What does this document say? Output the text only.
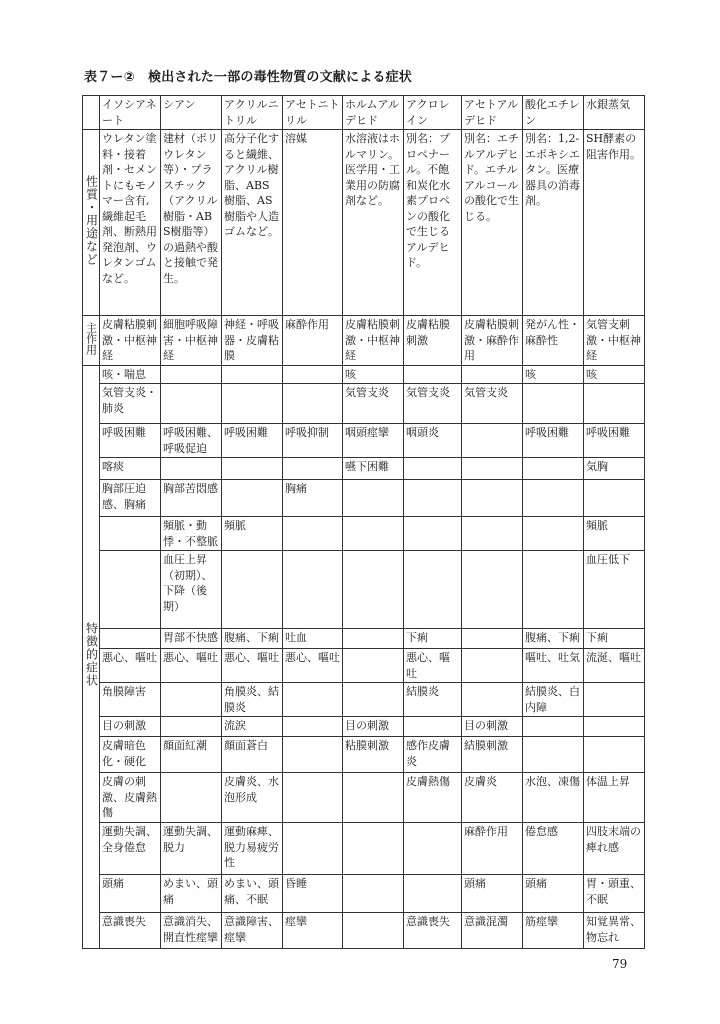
表７ー②　検出された一部の毒性物質の文献による症状
	イソシアネート	シアン	アクリルニトリル	アセトニトリル	ホルムアルデヒド	アクロレイン	アセトアルデヒド	酸化エチレン	水銀蒸気
性質・用途など	ウレタン塗料・接着剤・セメントにもモノマー含有,繊維起毛剤、断熱用発泡剤、ウレタンゴムなど。	建材（ポリウレタン等）・プラスチック（アクリル樹脂・ABS樹脂等）の過熱や酸と接触で発生。	高分子化すると繊維、アクリル樹脂、ABS樹脂、AS樹脂や人造ゴムなど。	溶媒	水溶液はホルマリン。医学用・工業用の防腐剤など。	別名：プロペナール。不飽和炭化水素プロペンの酸化で生じるアルデヒド。	別名：エチルアルデヒド。エチルアルコールの酸化で生じる。	別名：1,2-エポキシエタン。医療器具の消毒剤。	SH酵素の阻害作用。
主作用	皮膚粘膜刺激・中枢神経	細胞呼吸障害・中枢神経	神経・呼吸器・皮膚粘膜	麻酔作用	皮膚粘膜刺激・中枢神経	皮膚粘膜刺激	皮膚粘膜刺激・麻酔作用	発がん性・麻酔性	気管支刺激・中枢神経
特徴的症状	咳・喘息				咳			咳	咳
	気管支炎・肺炎				気管支炎	気管支炎	気管支炎		
	呼吸困難	呼吸困難、呼吸促迫	呼吸困難	呼吸抑制	咽頭痙攣	咽頭炎		呼吸困難	呼吸困難
	喀痰				嚥下困難				気胸
	胸部圧迫感、胸痛	胸部苦悶感		胸痛					
		頻脈・動悸・不整脈	頻脈						頻脈
		血圧上昇（初期）、下降（後期）							血圧低下
		胃部不快感	腹痛、下痢	吐血		下痢		腹痛、下痢	下痢
	悪心、嘔吐	悪心、嘔吐	悪心、嘔吐	悪心、嘔吐		悪心、嘔吐		嘔吐、吐気	流涎、嘔吐
	角膜障害		角膜炎、結膜炎			結膜炎		結膜炎、白内障	
	目の刺激		流涙		目の刺激		目の刺激		
	皮膚暗色化・硬化	顔面紅潮	顔面蒼白		粘膜刺激	感作皮膚炎	結膜刺激		
	皮膚の刺激、皮膚熱傷		皮膚炎、水泡形成			皮膚熱傷	皮膚炎	水泡、凍傷	体温上昇
	運動失調、全身倦怠	運動失調、脱力	運動麻痺、脱力易疲労性				麻酔作用	倦怠感	四肢末端の痺れ感
	頭痛	めまい、頭痛	めまい、頭痛、不眠	昏睡			頭痛	頭痛	胃・頭重、不眠
	意識喪失	意識消失、開直性痙攣	意識障害、痙攣	痙攣		意識喪失	意識混濁	筋痙攣	知覚異常、物忘れ
79
